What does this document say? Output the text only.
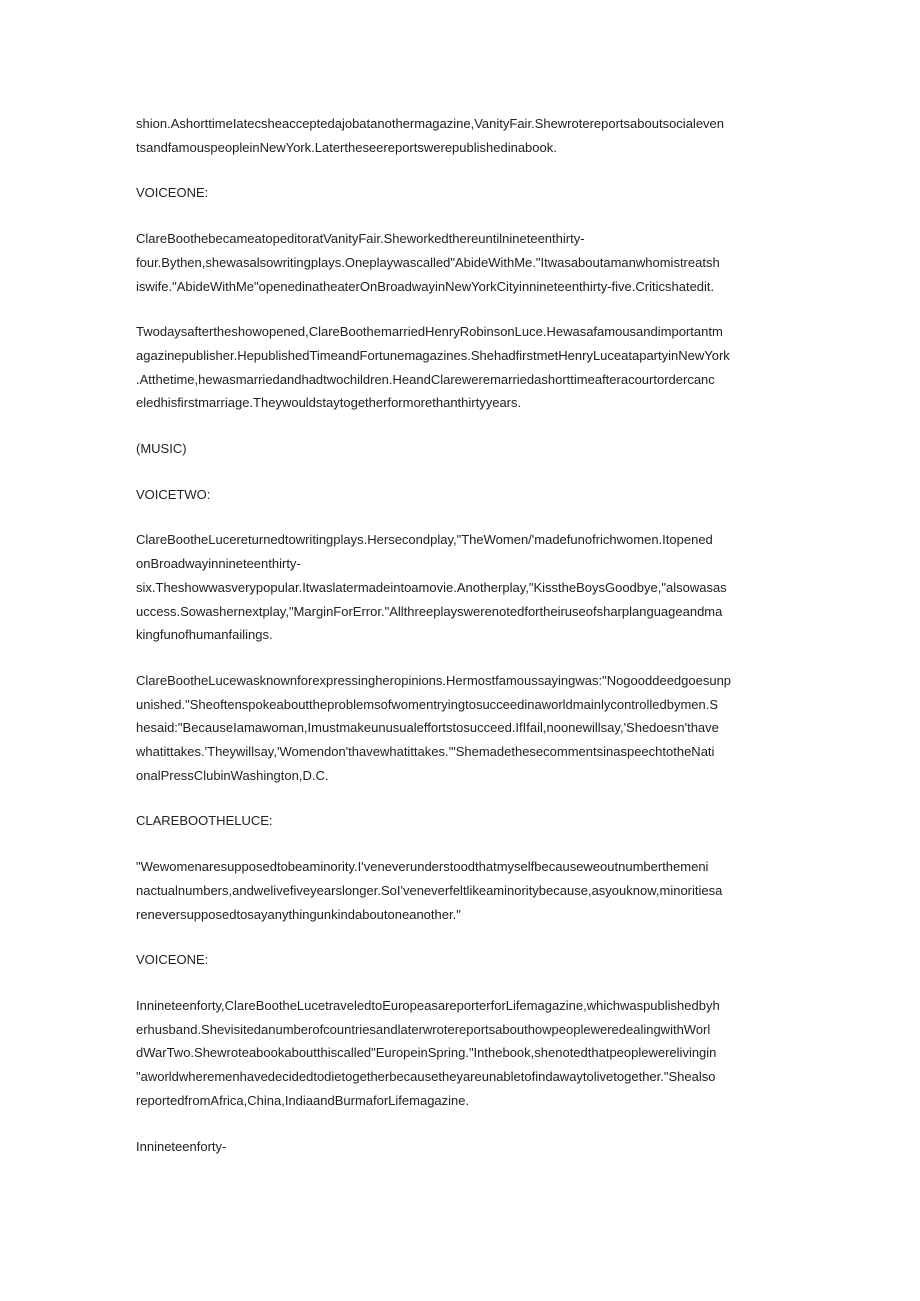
shion.AshorttimeIatecsheacceptedajobatanothermagazine,VanityFair.Shewrotereportsaboutsocialeven
tsandfamouspeopleinNewYork.Latertheseereportswerepublishedinabook.
VOICEONE:
ClareBoothebecameatopeditoratVanityFair.Sheworkedthereuntilnineteenthirty-
four.Bythen,shewasalsowritingplays.Oneplaywascalled"AbideWithMe."Itwasaboutamanwhomistreatsh
iswife."AbideWithMe"openedinatheaterOnBroadwayinNewYorkCityinnineteenthirty-five.Criticshatedit.
Twodaysaftertheshowopened,ClareBoothemarriedHenryRobinsonLuce.Hewasafamousandimportantm
agazinepublisher.HepublishedTimeandFortunemagazines.ShehadfirstmetHenryLuceatapartyinNewYork
.Atthetime,hewasmarriedandhadtwochildren.HeandClareweremarriedashorttimeafteracourtordercanc
eledhisfirstmarriage.Theywouldstaytogetherformorethanthirtyyears.
(MUSIC)
VOICETWO:
ClareBootheLucereturnedtowritingplays.Hersecondplay,"TheWomen/'madefunofrichwomen.Itopened
onBroadwayinnineteenthirty-
six.Theshowwasverypopular.Itwaslatermadeintoamovie.Anotherplay,"KisstheBoysGoodbye,"alsowasas
uccess.Sowashernextplay,"MarginForError."Allthreeplayswerenotedfortheiruseofsharplanguageandma
kingfunofhumanfailings.
ClareBootheLucewasknownforexpressingheropinions.Hermostfamoussayingwas:"Nogooddeedgoesunp
unished."Sheoftenspokeabouttheproblemsofwomentryingtosucceedinaworldmainlycontrolledbymen.S
hesaid:"BecauseIamawoman,Imustmakeunusualeffortstosucceed.IfIfail,noonewillsay,'Shedoesn'thave
whatittakes.'Theywillsay,'Womendon'thavewhatittakes.'"ShemadethesecommentsinaspeechtotheNati
onalPressClubinWashington,D.C.
CLAREBOOTHELUCE:
"Wewomenaresupposedtobeaminority.I'veneverunderstoodthatmyselfbecauseweoutnumberthemeni
nactualnumbers,andwelivefiveyearslonger.SoI'veneverfeltlikeaminoritybecause,asyouknow,minoritiesa
reneversupposedtosayanythingunkindaboutoneanother."
VOICEONE:
Innineteenforty,ClareBootheLucetraveledtoEuropeasareporterforLifemagazine,whichwaspublishedbyh
erhusband.ShevisitedanumberofcountriesandlaterwrotereportsabouthowpeopleweredealingwithWorl
dWarTwo.Shewroteabookaboutthiscalled"EuropeinSpring."Inthebook,shenotedthatpeoplewerelivingin
"aworldwheremenhavedecidedtodietogetherbecausetheyareunabletofindawaytolivetogether."Shealso
reportedfromAfrica,China,IndiaandBurmaforLifemagazine.
Innineteenforty-
